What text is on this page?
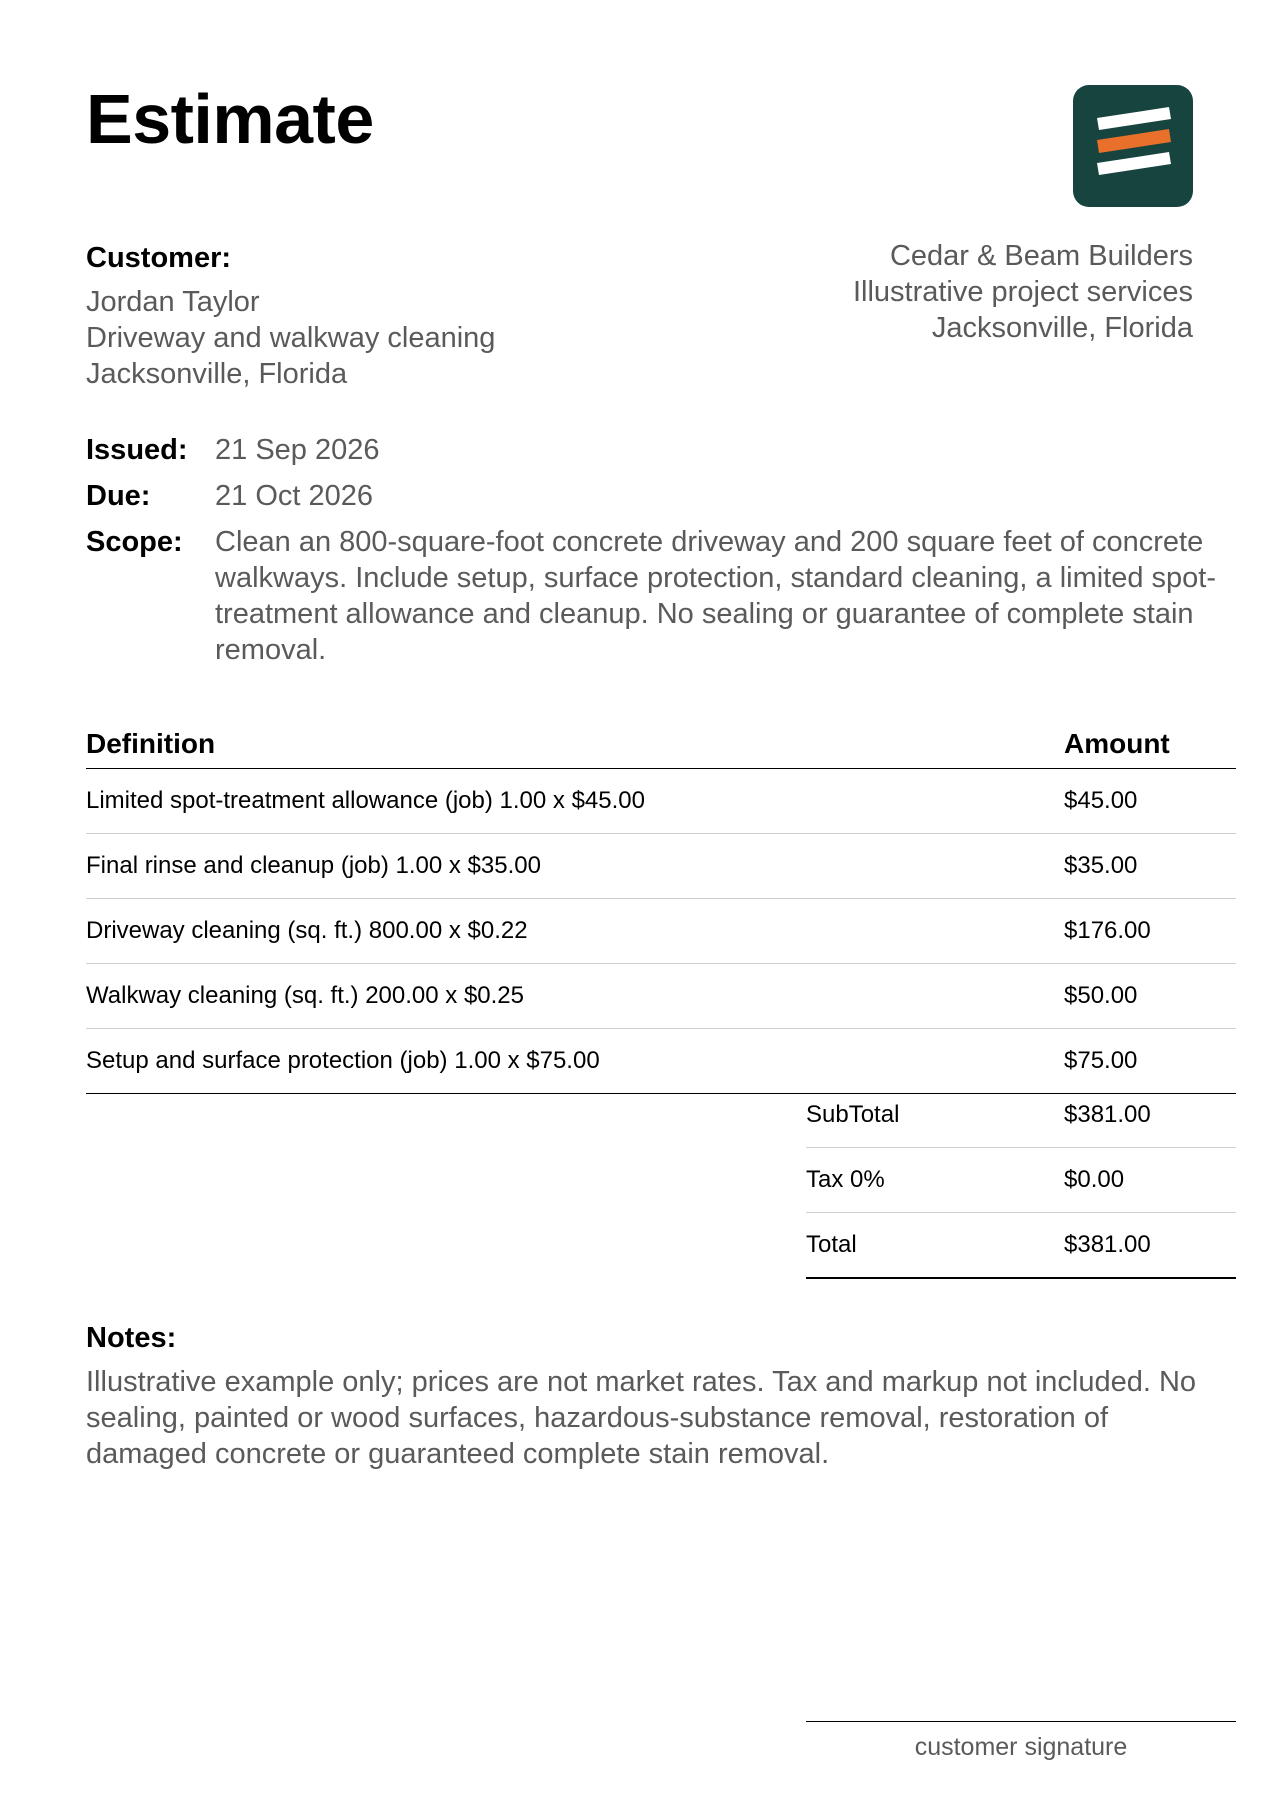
Estimate
Customer:
Jordan Taylor
Driveway and walkway cleaning
Jacksonville, Florida
Cedar & Beam Builders
Illustrative project services
Jacksonville, Florida
Issued: 21 Sep 2026
Due:	21 Oct 2026
Scope:	Clean an 800-square-foot concrete driveway and 200 square feet of concrete walkways. Include setup, surface protection, standard cleaning, a limited spot-treatment allowance and cleanup. No sealing or guarantee of complete stain removal.
Definition	Amount
Limited spot-treatment allowance (job) 1.00 x $45.00	$45.00
Final rinse and cleanup (job) 1.00 x $35.00	$35.00
Driveway cleaning (sq. ft.) 800.00 x $0.22	$176.00
Walkway cleaning (sq. ft.) 200.00 x $0.25	$50.00
Setup and surface protection (job) 1.00 x $75.00	$75.00
SubTotal	$381.00
Tax 0%	$0.00
Total	$381.00
Notes:
Illustrative example only; prices are not market rates. Tax and markup not included. No sealing, painted or wood surfaces, hazardous-substance removal, restoration of damaged concrete or guaranteed complete stain removal.
customer signature
